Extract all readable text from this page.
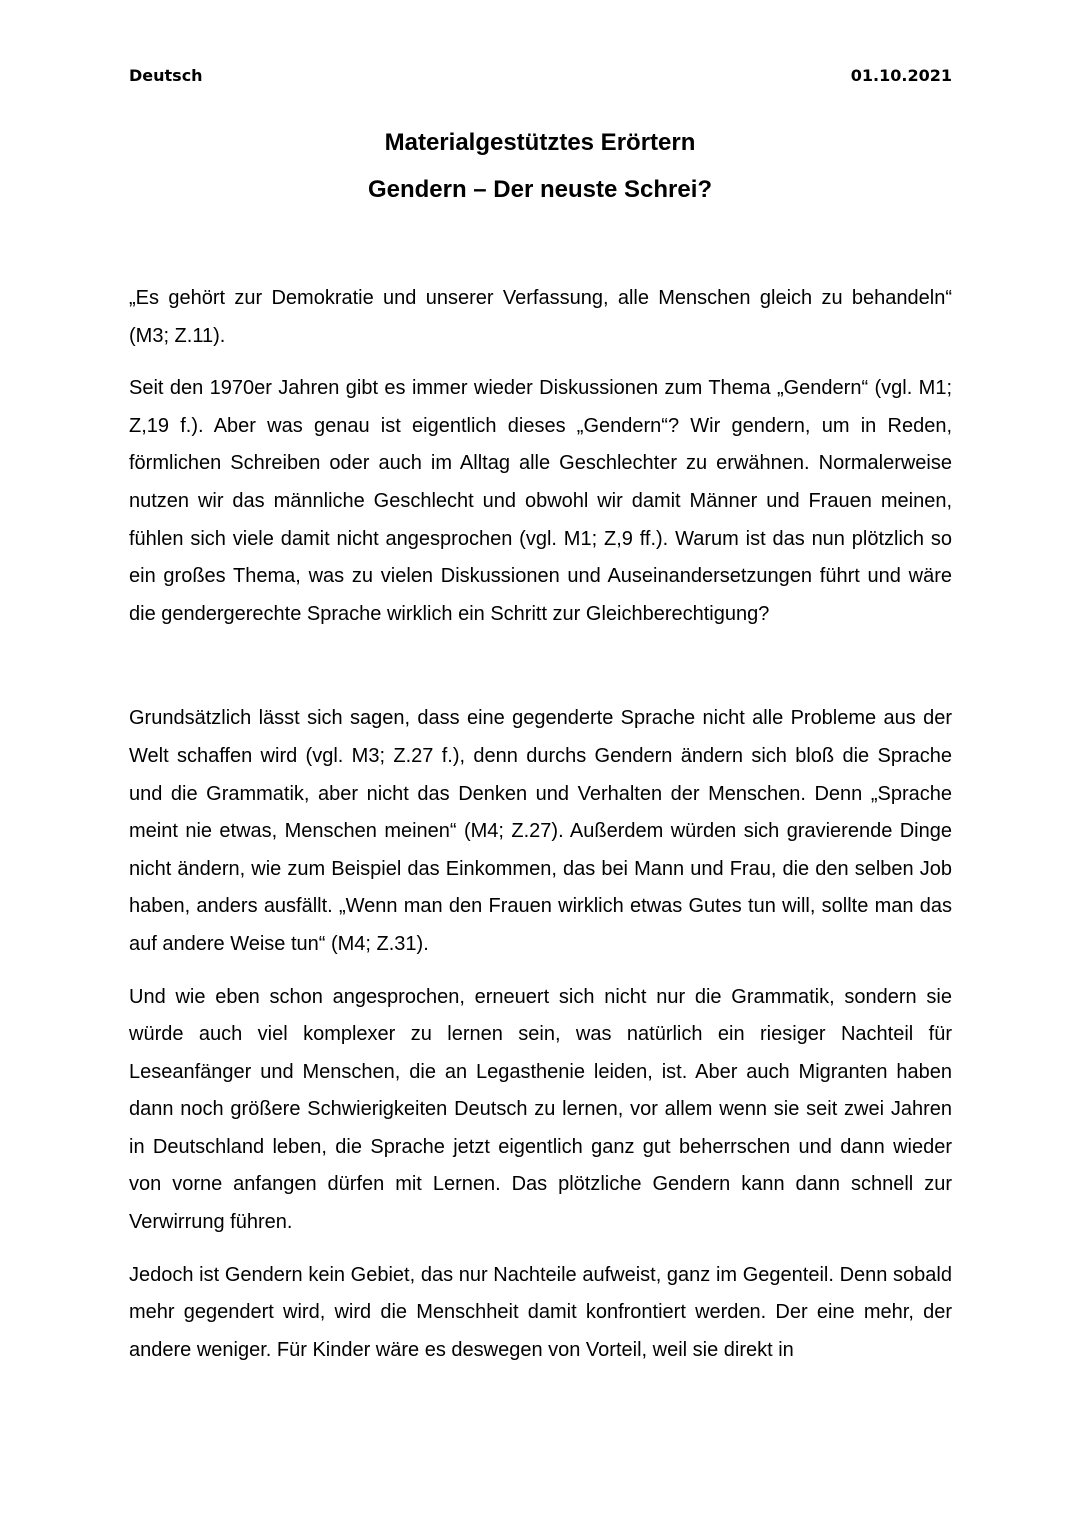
Deutsch	01.10.2021
Materialgestütztes Erörtern
Gendern – Der neuste Schrei?

„Es gehört zur Demokratie und unserer Verfassung, alle Menschen gleich zu behandeln“ (M3; Z.11).

Seit den 1970er Jahren gibt es immer wieder Diskussionen zum Thema „Gendern“ (vgl. M1; Z,19 f.). Aber was genau ist eigentlich dieses „Gendern“? Wir gendern, um in Reden, förmlichen Schreiben oder auch im Alltag alle Geschlechter zu erwähnen. Normalerweise nutzen wir das männliche Geschlecht und obwohl wir damit Männer und Frauen meinen, fühlen sich viele damit nicht angesprochen (vgl. M1; Z,9 ff.). Warum ist das nun plötzlich so ein großes Thema, was zu vielen Diskussionen und Auseinandersetzungen führt und wäre die gendergerechte Sprache wirklich ein Schritt zur Gleichberechtigung?

Grundsätzlich lässt sich sagen, dass eine gegenderte Sprache nicht alle Probleme aus der Welt schaffen wird (vgl. M3; Z.27 f.), denn durchs Gendern ändern sich bloß die Sprache und die Grammatik, aber nicht das Denken und Verhalten der Menschen. Denn „Sprache meint nie etwas, Menschen meinen“ (M4; Z.27). Außerdem würden sich gravierende Dinge nicht ändern, wie zum Beispiel das Einkommen, das bei Mann und Frau, die den selben Job haben, anders ausfällt. „Wenn man den Frauen wirklich etwas Gutes tun will, sollte man das auf andere Weise tun“ (M4; Z.31).

Und wie eben schon angesprochen, erneuert sich nicht nur die Grammatik, sondern sie würde auch viel komplexer zu lernen sein, was natürlich ein riesiger Nachteil für Leseanfänger und Menschen, die an Legasthenie leiden, ist. Aber auch Migranten haben dann noch größere Schwierigkeiten Deutsch zu lernen, vor allem wenn sie seit zwei Jahren in Deutschland leben, die Sprache jetzt eigentlich ganz gut beherrschen und dann wieder von vorne anfangen dürfen mit Lernen. Das plötzliche Gendern kann dann schnell zur Verwirrung führen.

Jedoch ist Gendern kein Gebiet, das nur Nachteile aufweist, ganz im Gegenteil. Denn sobald mehr gegendert wird, wird die Menschheit damit konfrontiert werden. Der eine mehr, der andere weniger. Für Kinder wäre es deswegen von Vorteil, weil sie direkt in
